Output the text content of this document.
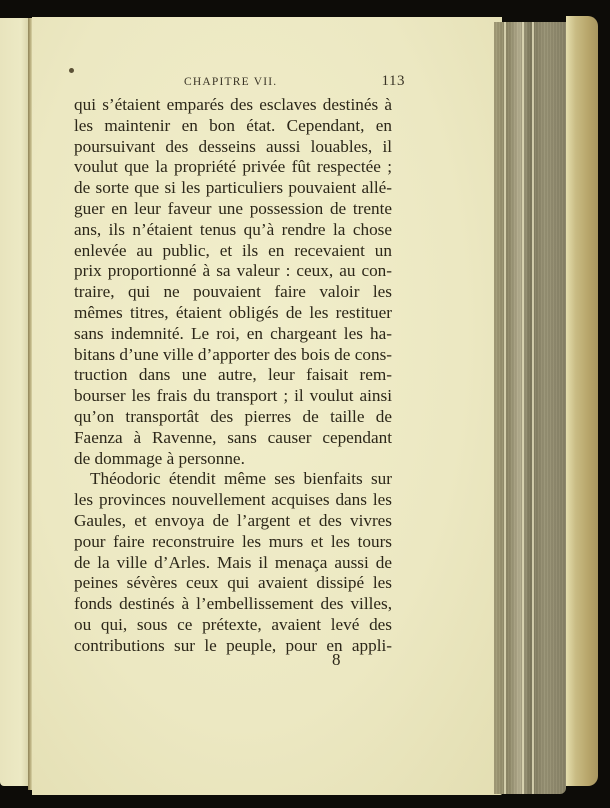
CHAPITRE VII.	113
qui s’étaient emparés des esclaves destinés à
les maintenir en bon état. Cependant, en
poursuivant des desseins aussi louables, il
voulut que la propriété privée fût respectée ;
de sorte que si les particuliers pouvaient allé-
guer en leur faveur une possession de trente
ans, ils n’étaient tenus qu’à rendre la chose
enlevée au public, et ils en recevaient un
prix proportionné à sa valeur : ceux, au con-
traire, qui ne pouvaient faire valoir les
mêmes titres, étaient obligés de les restituer
sans indemnité. Le roi, en chargeant les ha-
bitans d’une ville d’apporter des bois de cons-
truction dans une autre, leur faisait rem-
bourser les frais du transport ; il voulut ainsi
qu’on transportât des pierres de taille de
Faenza à Ravenne, sans causer cependant
de dommage à personne.
Théodoric étendit même ses bienfaits sur
les provinces nouvellement acquises dans les
Gaules, et envoya de l’argent et des vivres
pour faire reconstruire les murs et les tours
de la ville d’Arles. Mais il menaça aussi de
peines sévères ceux qui avaient dissipé les
fonds destinés à l’embellissement des villes,
ou qui, sous ce prétexte, avaient levé des
contributions sur le peuple, pour en appli-
8
